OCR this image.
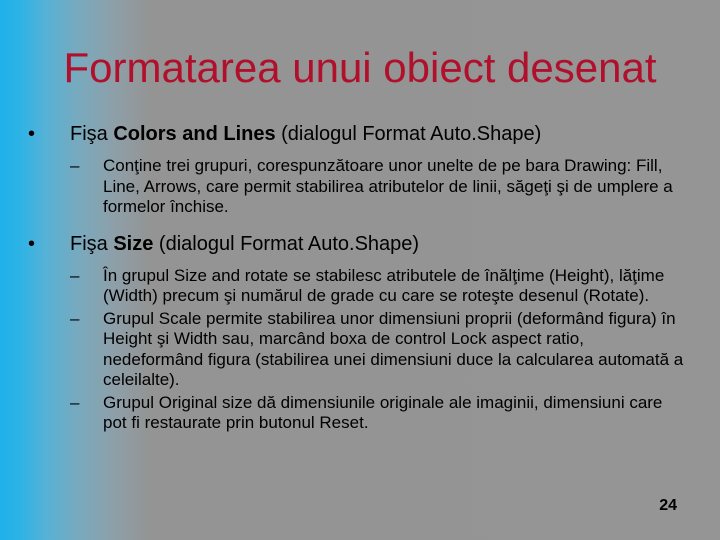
Formatarea unui obiect desenat
•	Fişa Colors and Lines (dialogul Format Auto.Shape)
– Conţine trei grupuri, corespunzătoare unor unelte de pe bara Drawing: Fill, Line, Arrows, care permit stabilirea atributelor de linii, săgeţi şi de umplere a formelor închise.
•	Fişa Size (dialogul Format Auto.Shape)
– În grupul Size and rotate se stabilesc atributele de înălţime (Height), lăţime (Width) precum şi numărul de grade cu care se roteşte desenul (Rotate).
– Grupul Scale permite stabilirea unor dimensiuni proprii (deformând figura) în Height şi Width sau, marcând boxa de control Lock aspect ratio, nedeformând figura (stabilirea unei dimensiuni duce la calcularea automată a celeilalte).
– Grupul Original size dă dimensiunile originale ale imaginii, dimensiuni care pot fi restaurate prin butonul Reset.
24
